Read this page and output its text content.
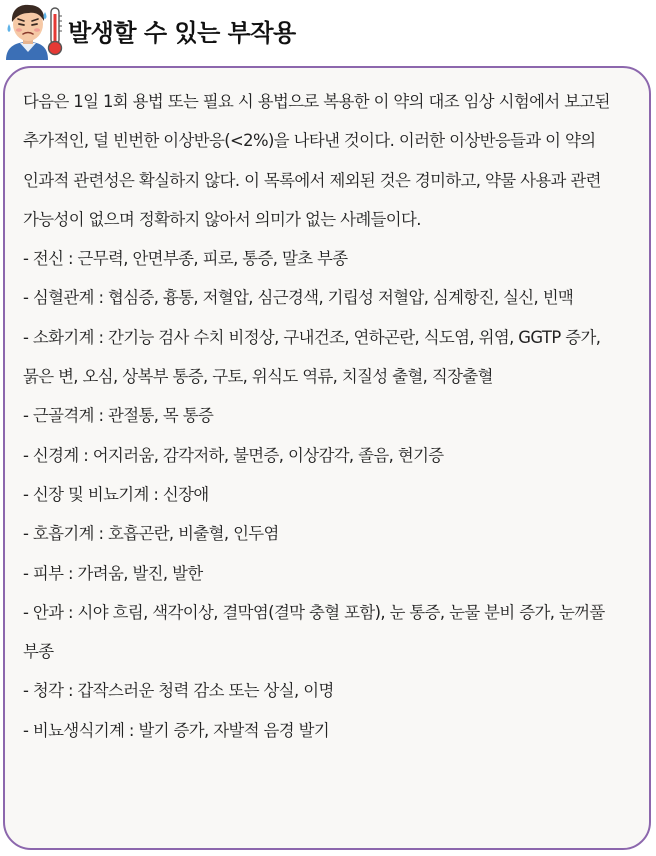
발생할 수 있는 부작용

다음은 1일 1회 용법 또는 필요 시 용법으로 복용한 이 약의 대조 임상 시험에서 보고된 추가적인, 덜 빈번한 이상반응(<2%)을 나타낸 것이다. 이러한 이상반응들과 이 약의 인과적 관련성은 확실하지 않다. 이 목록에서 제외된 것은 경미하고, 약물 사용과 관련 가능성이 없으며 정확하지 않아서 의미가 없는 사례들이다.

- 전신 : 근무력, 안면부종, 피로, 통증, 말초 부종

- 심혈관계 : 협심증, 흉통, 저혈압, 심근경색, 기립성 저혈압, 심계항진, 실신, 빈맥

- 소화기계 : 간기능 검사 수치 비정상, 구내건조, 연하곤란, 식도염, 위염, GGTP 증가, 묽은 변, 오심, 상복부 통증, 구토, 위식도 역류, 치질성 출혈, 직장출혈

- 근골격계 : 관절통, 목 통증

- 신경계 : 어지러움, 감각저하, 불면증, 이상감각, 졸음, 현기증

- 신장 및 비뇨기계 : 신장애

- 호흡기계 : 호흡곤란, 비출혈, 인두염

- 피부 : 가려움, 발진, 발한

- 안과 : 시야 흐림, 색각이상, 결막염(결막 충혈 포함), 눈 통증, 눈물 분비 증가, 눈꺼풀 부종

- 청각 : 갑작스러운 청력 감소 또는 상실, 이명

- 비뇨생식기계 : 발기 증가, 자발적 음경 발기
